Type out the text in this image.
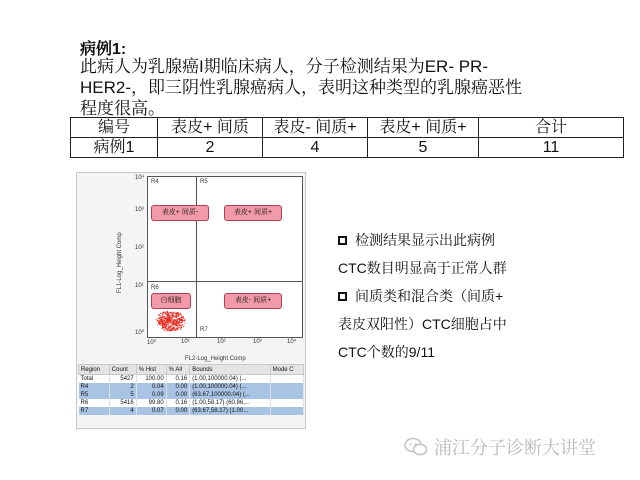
病例1:
此病人为乳腺癌I期临床病人，分子检测结果为ER- PR-
HER2-，即三阴性乳腺癌病人，表明这种类型的乳腺癌恶性
程度很高。
编号	表皮+ 间质	表皮- 间质+	表皮+ 间质+	合计
病例1	2	4	5	11
FL1-Log_Height Comp
10⁴
10³
10²
10¹
10⁰
R4	R5
R6
R7
表皮+ 间质-	表皮+ 间质+
白细胞	表皮- 间质+
10⁰	10¹	10²	10³	10⁴
FL2-Log_Height Comp
Region	Count	% Hist	% All	Bounds	Mode C
Total	5427	100.00	0.16	(1.00,100000.04) (...	
R4	2	0.04	0.00	(1.00,100000.04) (...	
R5	5	0.09	0.00	(63.67,100000.04) (...	
R6	5416	99.80	0.16	(1.00,58.17) (60.86,...	
R7	4	0.07	0.00	(63.67,58.17) (1.00...	
检测结果显示出此病例
CTC数目明显高于正常人群
间质类和混合类（间质+
表皮双阳性）CTC细胞占中
CTC个数的9/11
浦江分子诊断大讲堂
